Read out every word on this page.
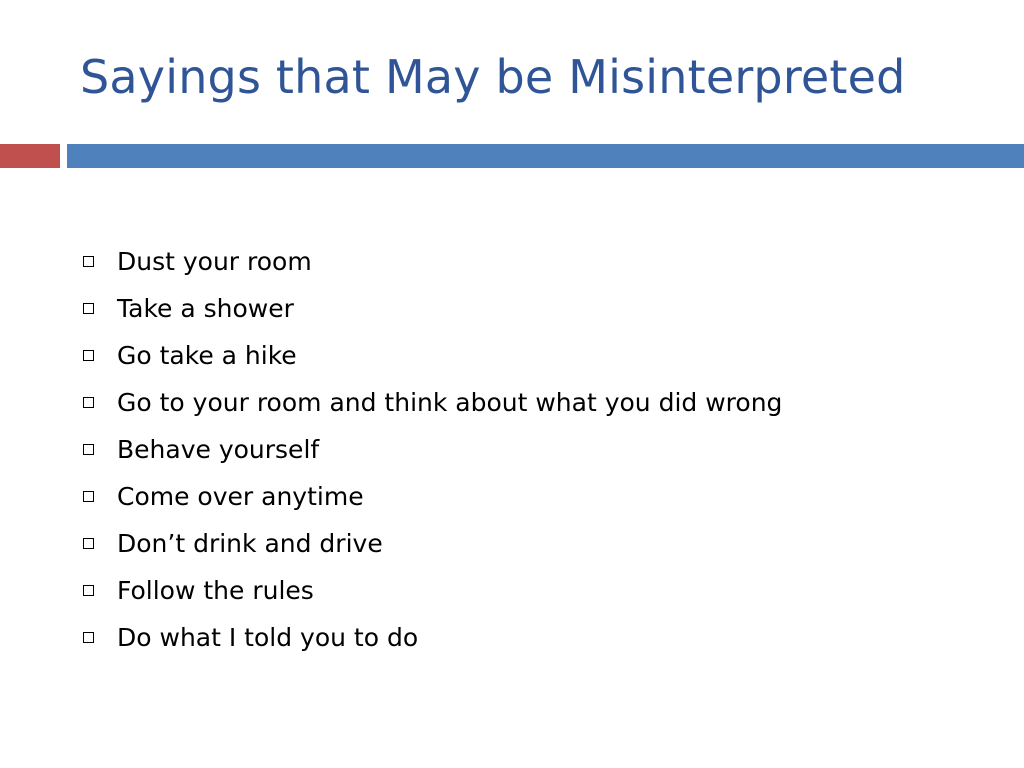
Sayings that May be Misinterpreted
Dust your room
Take a shower
Go take a hike
Go to your room and think about what you did wrong
Behave yourself
Come over anytime
Don’t drink and drive
Follow the rules
Do what I told you to do
